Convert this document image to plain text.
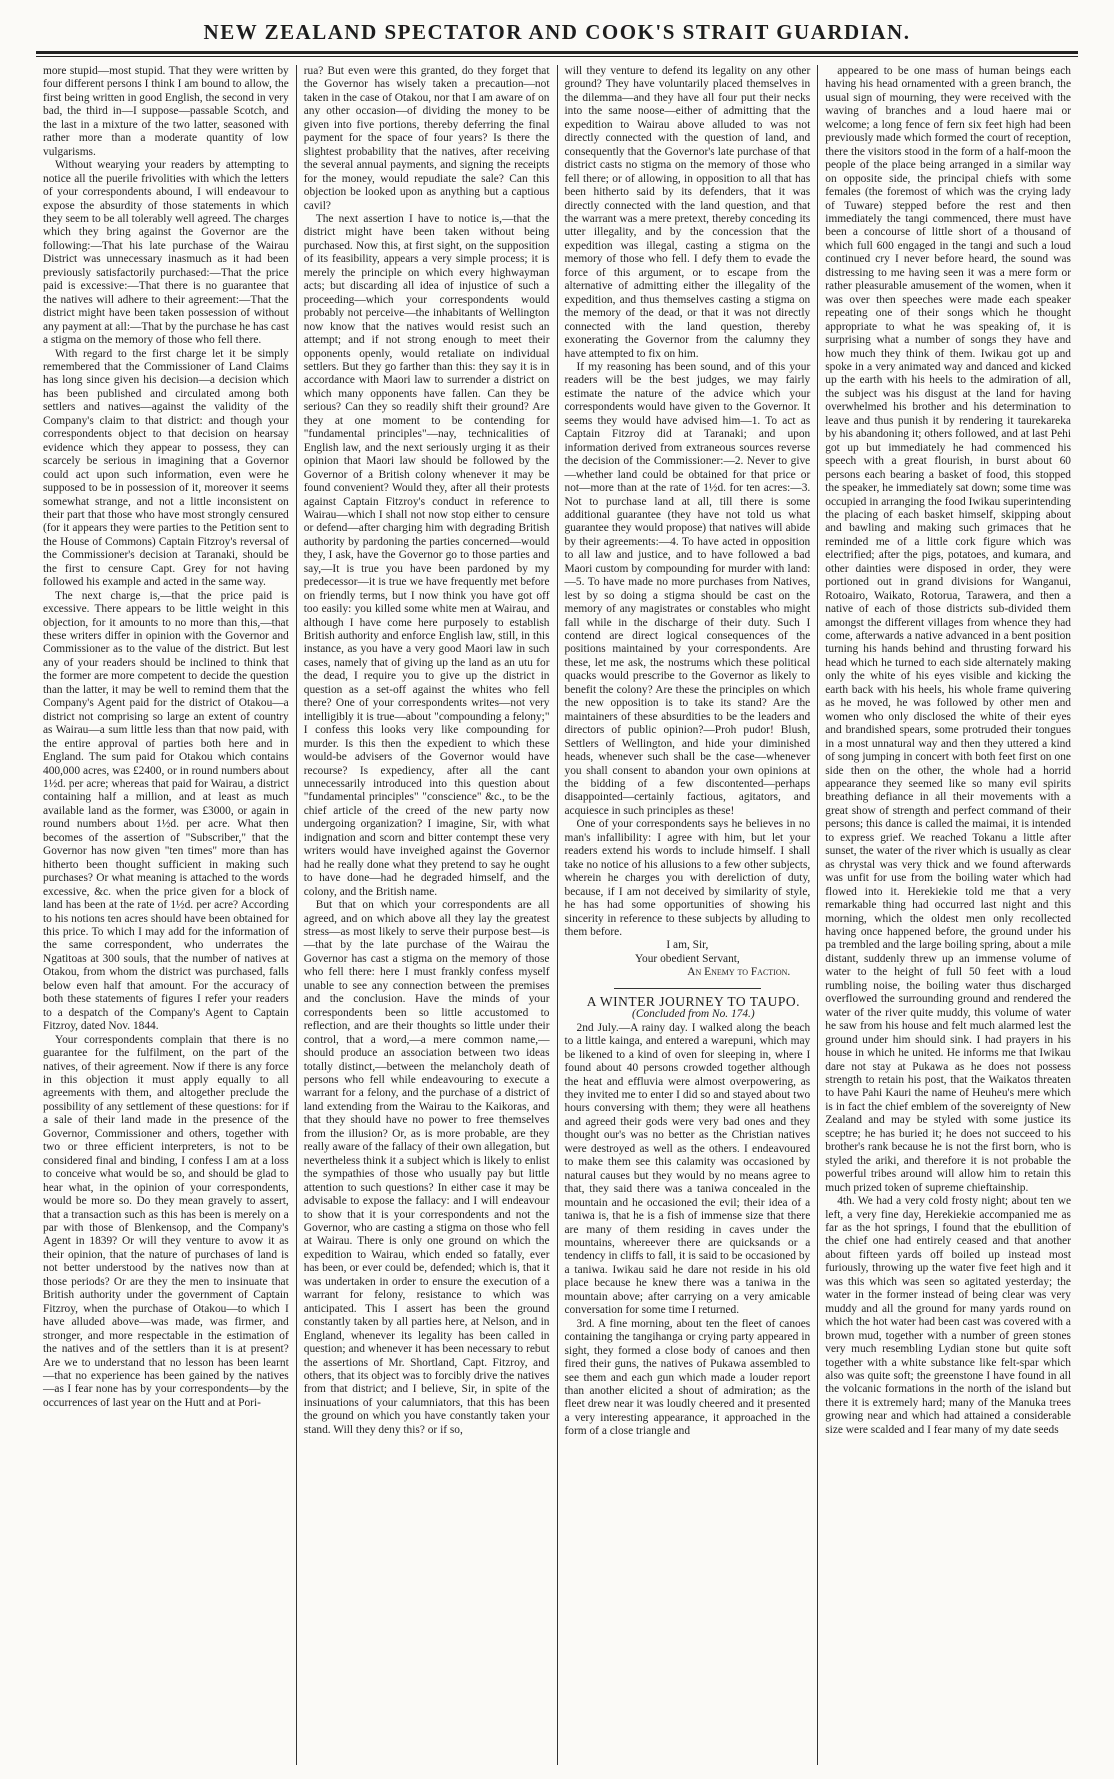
NEW ZEALAND SPECTATOR AND COOK'S STRAIT GUARDIAN.

more stupid—most stupid. That they were written by four different persons I think I am bound to allow, the first being written in good English, the second in very bad, the third in—I suppose—passable Scotch, and the last in a mixture of the two latter, seasoned with rather more than a moderate quantity of low vulgarisms.

Without wearying your readers by attempting to notice all the puerile frivolities with which the letters of your correspondents abound, I will endeavour to expose the absurdity of those statements in which they seem to be all tolerably well agreed. The charges which they bring against the Governor are the following:—That his late purchase of the Wairau District was unnecessary inasmuch as it had been previously satisfactorily purchased:—That the price paid is excessive:—That there is no guarantee that the natives will adhere to their agreement:—That the district might have been taken possession of without any payment at all:—That by the purchase he has cast a stigma on the memory of those who fell there.

With regard to the first charge let it be simply remembered that the Commissioner of Land Claims has long since given his decision—a decision which has been published and circulated among both settlers and natives—against the validity of the Company's claim to that district: and though your correspondents object to that decision on hearsay evidence which they appear to possess, they can scarcely be serious in imagining that a Governor could act upon such information, even were he supposed to be in possession of it, moreover it seems somewhat strange, and not a little inconsistent on their part that those who have most strongly censured (for it appears they were parties to the Petition sent to the House of Commons) Captain Fitzroy's reversal of the Commissioner's decision at Taranaki, should be the first to censure Capt. Grey for not having followed his example and acted in the same way.

The next charge is,—that the price paid is excessive. There appears to be little weight in this objection, for it amounts to no more than this,—that these writers differ in opinion with the Governor and Commissioner as to the value of the district. But lest any of your readers should be inclined to think that the former are more competent to decide the question than the latter, it may be well to remind them that the Company's Agent paid for the district of Otakou—a district not comprising so large an extent of country as Wairau—a sum little less than that now paid, with the entire approval of parties both here and in England. The sum paid for Otakou which contains 400,000 acres, was £2400, or in round numbers about 1½d. per acre; whereas that paid for Wairau, a district containing half a million, and at least as much available land as the former, was £3000, or again in round numbers about 1½d. per acre. What then becomes of the assertion of "Subscriber," that the Governor has now given "ten times" more than has hitherto been thought sufficient in making such purchases? Or what meaning is attached to the words excessive, &c. when the price given for a block of land has been at the rate of 1½d. per acre? According to his notions ten acres should have been obtained for this price. To which I may add for the information of the same correspondent, who underrates the Ngatitoas at 300 souls, that the number of natives at Otakou, from whom the district was purchased, falls below even half that amount. For the accuracy of both these statements of figures I refer your readers to a despatch of the Company's Agent to Captain Fitzroy, dated Nov. 1844.

Your correspondents complain that there is no guarantee for the fulfilment, on the part of the natives, of their agreement. Now if there is any force in this objection it must apply equally to all agreements with them, and altogether preclude the possibility of any settlement of these questions: for if a sale of their land made in the presence of the Governor, Commissioner and others, together with two or three efficient interpreters, is not to be considered final and binding, I confess I am at a loss to conceive what would be so, and should be glad to hear what, in the opinion of your correspondents, would be more so. Do they mean gravely to assert, that a transaction such as this has been is merely on a par with those of Blenkensop, and the Company's Agent in 1839? Or will they venture to avow it as their opinion, that the nature of purchases of land is not better understood by the natives now than at those periods? Or are they the men to insinuate that British authority under the government of Captain Fitzroy, when the purchase of Otakou—to which I have alluded above—was made, was firmer, and stronger, and more respectable in the estimation of the natives and of the settlers than it is at present? Are we to understand that no lesson has been learnt—that no experience has been gained by the natives—as I fear none has by your correspondents—by the occurrences of last year on the Hutt and at Pori-

rua? But even were this granted, do they forget that the Governor has wisely taken a precaution—not taken in the case of Otakou, nor that I am aware of on any other occasion—of dividing the money to be given into five portions, thereby deferring the final payment for the space of four years? Is there the slightest probability that the natives, after receiving the several annual payments, and signing the receipts for the money, would repudiate the sale? Can this objection be looked upon as anything but a captious cavil?

The next assertion I have to notice is,—that the district might have been taken without being purchased. Now this, at first sight, on the supposition of its feasibility, appears a very simple process; it is merely the principle on which every highwayman acts; but discarding all idea of injustice of such a proceeding—which your correspondents would probably not perceive—the inhabitants of Wellington now know that the natives would resist such an attempt; and if not strong enough to meet their opponents openly, would retaliate on individual settlers. But they go farther than this: they say it is in accordance with Maori law to surrender a district on which many opponents have fallen. Can they be serious? Can they so readily shift their ground? Are they at one moment to be contending for "fundamental principles"—nay, technicalities of English law, and the next seriously urging it as their opinion that Maori law should be followed by the Governor of a British colony whenever it may be found convenient? Would they, after all their protests against Captain Fitzroy's conduct in reference to Wairau—which I shall not now stop either to censure or defend—after charging him with degrading British authority by pardoning the parties concerned—would they, I ask, have the Governor go to those parties and say,—It is true you have been pardoned by my predecessor—it is true we have frequently met before on friendly terms, but I now think you have got off too easily: you killed some white men at Wairau, and although I have come here purposely to establish British authority and enforce English law, still, in this instance, as you have a very good Maori law in such cases, namely that of giving up the land as an utu for the dead, I require you to give up the district in question as a set-off against the whites who fell there? One of your correspondents writes—not very intelligibly it is true—about "compounding a felony;" I confess this looks very like compounding for murder. Is this then the expedient to which these would-be advisers of the Governor would have recourse? Is expediency, after all the cant unnecessarily introduced into this question about "fundamental principles" "conscience" &c., to be the chief article of the creed of the new party now undergoing organization? I imagine, Sir, with what indignation and scorn and bitter contempt these very writers would have inveighed against the Governor had he really done what they pretend to say he ought to have done—had he degraded himself, and the colony, and the British name.

But that on which your correspondents are all agreed, and on which above all they lay the greatest stress—as most likely to serve their purpose best—is—that by the late purchase of the Wairau the Governor has cast a stigma on the memory of those who fell there: here I must frankly confess myself unable to see any connection between the premises and the conclusion. Have the minds of your correspondents been so little accustomed to reflection, and are their thoughts so little under their control, that a word,—a mere common name,—should produce an association between two ideas totally distinct,—between the melancholy death of persons who fell while endeavouring to execute a warrant for a felony, and the purchase of a district of land extending from the Wairau to the Kaikoras, and that they should have no power to free themselves from the illusion? Or, as is more probable, are they really aware of the fallacy of their own allegation, but nevertheless think it a subject which is likely to enlist the sympathies of those who usually pay but little attention to such questions? In either case it may be advisable to expose the fallacy: and I will endeavour to show that it is your correspondents and not the Governor, who are casting a stigma on those who fell at Wairau. There is only one ground on which the expedition to Wairau, which ended so fatally, ever has been, or ever could be, defended; which is, that it was undertaken in order to ensure the execution of a warrant for felony, resistance to which was anticipated. This I assert has been the ground constantly taken by all parties here, at Nelson, and in England, whenever its legality has been called in question; and whenever it has been necessary to rebut the assertions of Mr. Shortland, Capt. Fitzroy, and others, that its object was to forcibly drive the natives from that district; and I believe, Sir, in spite of the insinuations of your calumniators, that this has been the ground on which you have constantly taken your stand. Will they deny this? or if so,

will they venture to defend its legality on any other ground? They have voluntarily placed themselves in the dilemma—and they have all four put their necks into the same noose—either of admitting that the expedition to Wairau above alluded to was not directly connected with the question of land, and consequently that the Governor's late purchase of that district casts no stigma on the memory of those who fell there; or of allowing, in opposition to all that has been hitherto said by its defenders, that it was directly connected with the land question, and that the warrant was a mere pretext, thereby conceding its utter illegality, and by the concession that the expedition was illegal, casting a stigma on the memory of those who fell. I defy them to evade the force of this argument, or to escape from the alternative of admitting either the illegality of the expedition, and thus themselves casting a stigma on the memory of the dead, or that it was not directly connected with the land question, thereby exonerating the Governor from the calumny they have attempted to fix on him.

If my reasoning has been sound, and of this your readers will be the best judges, we may fairly estimate the nature of the advice which your correspondents would have given to the Governor. It seems they would have advised him—1. To act as Captain Fitzroy did at Taranaki; and upon information derived from extraneous sources reverse the decision of the Commissioner:—2. Never to give—whether land could be obtained for that price or not—more than at the rate of 1½d. for ten acres:—3. Not to purchase land at all, till there is some additional guarantee (they have not told us what guarantee they would propose) that natives will abide by their agreements:—4. To have acted in opposition to all law and justice, and to have followed a bad Maori custom by compounding for murder with land:—5. To have made no more purchases from Natives, lest by so doing a stigma should be cast on the memory of any magistrates or constables who might fall while in the discharge of their duty. Such I contend are direct logical consequences of the positions maintained by your correspondents. Are these, let me ask, the nostrums which these political quacks would prescribe to the Governor as likely to benefit the colony? Are these the principles on which the new opposition is to take its stand? Are the maintainers of these absurdities to be the leaders and directors of public opinion?—Proh pudor! Blush, Settlers of Wellington, and hide your diminished heads, whenever such shall be the case—whenever you shall consent to abandon your own opinions at the bidding of a few discontented—perhaps disappointed—certainly factious, agitators, and acquiesce in such principles as these!

One of your correspondents says he believes in no man's infallibility: I agree with him, but let your readers extend his words to include himself. I shall take no notice of his allusions to a few other subjects, wherein he charges you with dereliction of duty, because, if I am not deceived by similarity of style, he has had some opportunities of showing his sincerity in reference to these subjects by alluding to them before.

I am, Sir,

Your obedient Servant,

An Enemy to Faction.

A WINTER JOURNEY TO TAUPO.

(Concluded from No. 174.)

2nd July.—A rainy day. I walked along the beach to a little kainga, and entered a warepuni, which may be likened to a kind of oven for sleeping in, where I found about 40 persons crowded together although the heat and effluvia were almost overpowering, as they invited me to enter I did so and stayed about two hours conversing with them; they were all heathens and agreed their gods were very bad ones and they thought our's was no better as the Christian natives were destroyed as well as the others. I endeavoured to make them see this calamity was occasioned by natural causes but they would by no means agree to that, they said there was a taniwa concealed in the mountain and he occasioned the evil; their idea of a taniwa is, that he is a fish of immense size that there are many of them residing in caves under the mountains, whereever there are quicksands or a tendency in cliffs to fall, it is said to be occasioned by a taniwa. Iwikau said he dare not reside in his old place because he knew there was a taniwa in the mountain above; after carrying on a very amicable conversation for some time I returned.

3rd. A fine morning, about ten the fleet of canoes containing the tangihanga or crying party appeared in sight, they formed a close body of canoes and then fired their guns, the natives of Pukawa assembled to see them and each gun which made a louder report than another elicited a shout of admiration; as the fleet drew near it was loudly cheered and it presented a very interesting appearance, it approached in the form of a close triangle and

appeared to be one mass of human beings each having his head ornamented with a green branch, the usual sign of mourning, they were received with the waving of branches and a loud haere mai or welcome; a long fence of fern six feet high had been previously made which formed the court of reception, there the visitors stood in the form of a half-moon the people of the place being arranged in a similar way on opposite side, the principal chiefs with some females (the foremost of which was the crying lady of Tuware) stepped before the rest and then immediately the tangi commenced, there must have been a concourse of little short of a thousand of which full 600 engaged in the tangi and such a loud continued cry I never before heard, the sound was distressing to me having seen it was a mere form or rather pleasurable amusement of the women, when it was over then speeches were made each speaker repeating one of their songs which he thought appropriate to what he was speaking of, it is surprising what a number of songs they have and how much they think of them. Iwikau got up and spoke in a very animated way and danced and kicked up the earth with his heels to the admiration of all, the subject was his disgust at the land for having overwhelmed his brother and his determination to leave and thus punish it by rendering it taurekareka by his abandoning it; others followed, and at last Pehi got up but immediately he had commenced his speech with a great flourish, in burst about 60 persons each bearing a basket of food, this stopped the speaker, he immediately sat down; some time was occupied in arranging the food Iwikau superintending the placing of each basket himself, skipping about and bawling and making such grimaces that he reminded me of a little cork figure which was electrified; after the pigs, potatoes, and kumara, and other dainties were disposed in order, they were portioned out in grand divisions for Wanganui, Rotoairo, Waikato, Rotorua, Tarawera, and then a native of each of those districts sub-divided them amongst the different villages from whence they had come, afterwards a native advanced in a bent position turning his hands behind and thrusting forward his head which he turned to each side alternately making only the white of his eyes visible and kicking the earth back with his heels, his whole frame quivering as he moved, he was followed by other men and women who only disclosed the white of their eyes and brandished spears, some protruded their tongues in a most unnatural way and then they uttered a kind of song jumping in concert with both feet first on one side then on the other, the whole had a horrid appearance they seemed like so many evil spirits breathing defiance in all their movements with a great show of strength and perfect command of their persons; this dance is called the maimai, it is intended to express grief. We reached Tokanu a little after sunset, the water of the river which is usually as clear as chrystal was very thick and we found afterwards was unfit for use from the boiling water which had flowed into it. Herekiekie told me that a very remarkable thing had occurred last night and this morning, which the oldest men only recollected having once happened before, the ground under his pa trembled and the large boiling spring, about a mile distant, suddenly threw up an immense volume of water to the height of full 50 feet with a loud rumbling noise, the boiling water thus discharged overflowed the surrounding ground and rendered the water of the river quite muddy, this volume of water he saw from his house and felt much alarmed lest the ground under him should sink. I had prayers in his house in which he united. He informs me that Iwikau dare not stay at Pukawa as he does not possess strength to retain his post, that the Waikatos threaten to have Pahi Kauri the name of Heuheu's mere which is in fact the chief emblem of the sovereignty of New Zealand and may be styled with some justice its sceptre; he has buried it; he does not succeed to his brother's rank because he is not the first born, who is styled the ariki, and therefore it is not probable the powerful tribes around will allow him to retain this much prized token of supreme chieftainship.

4th. We had a very cold frosty night; about ten we left, a very fine day, Herekiekie accompanied me as far as the hot springs, I found that the ebullition of the chief one had entirely ceased and that another about fifteen yards off boiled up instead most furiously, throwing up the water five feet high and it was this which was seen so agitated yesterday; the water in the former instead of being clear was very muddy and all the ground for many yards round on which the hot water had been cast was covered with a brown mud, together with a number of green stones very much resembling Lydian stone but quite soft together with a white substance like felt-spar which also was quite soft; the greenstone I have found in all the volcanic formations in the north of the island but there it is extremely hard; many of the Manuka trees growing near and which had attained a considerable size were scalded and I fear many of my date seeds
